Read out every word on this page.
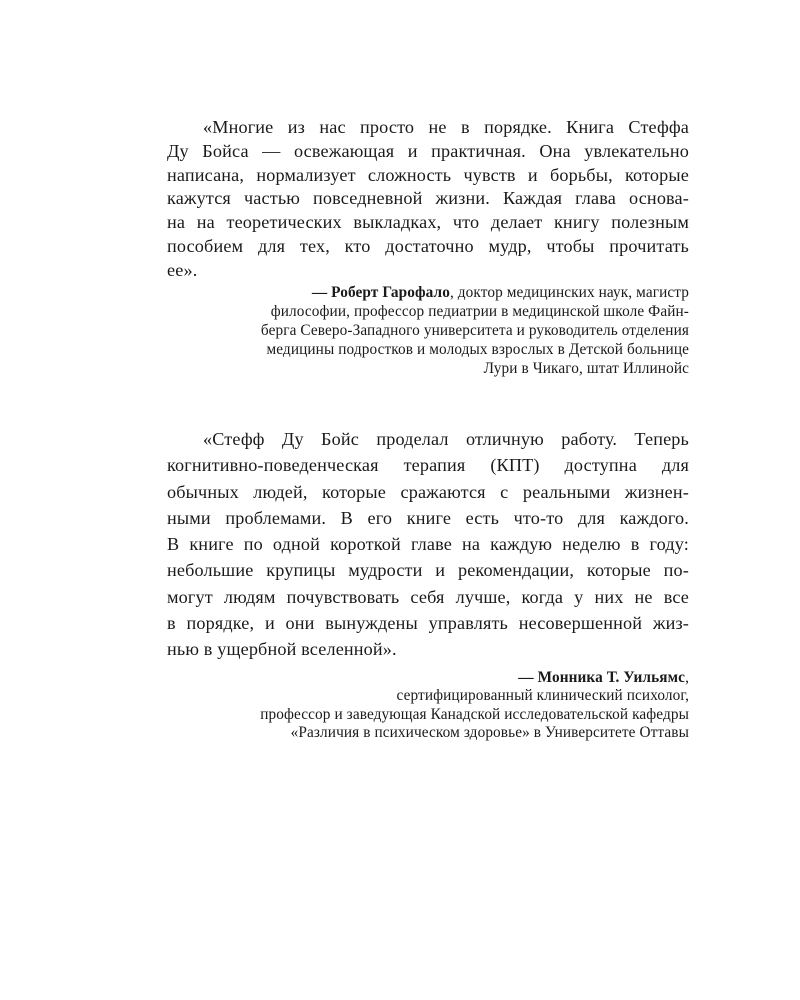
«Многие из нас просто не в порядке. Книга Стеффа
Ду Бойса — освежающая и практичная. Она увлекательно
написана, нормализует сложность чувств и борьбы, которые
кажутся частью повседневной жизни. Каждая глава основа-
на на теоретических выкладках, что делает книгу полезным
пособием для тех, кто достаточно мудр, чтобы прочитать
ее».
— Роберт Гарофало, доктор медицинских наук, магистр
философии, профессор педиатрии в медицинской школе Файн-
берга Северо-Западного университета и руководитель отделения
медицины подростков и молодых взрослых в Детской больнице
Лури в Чикаго, штат Иллинойс
«Стефф Ду Бойс проделал отличную работу. Теперь
когнитивно-поведенческая терапия (КПТ) доступна для
обычных людей, которые сражаются с реальными жизнен-
ными проблемами. В его книге есть что-то для каждого.
В книге по одной короткой главе на каждую неделю в году:
небольшие крупицы мудрости и рекомендации, которые по-
могут людям почувствовать себя лучше, когда у них не все
в порядке, и они вынуждены управлять несовершенной жиз-
нью в ущербной вселенной».
— Монника Т. Уильямс,
сертифицированный клинический психолог,
профессор и заведующая Канадской исследовательской кафедры
«Различия в психическом здоровье» в Университете Оттавы
